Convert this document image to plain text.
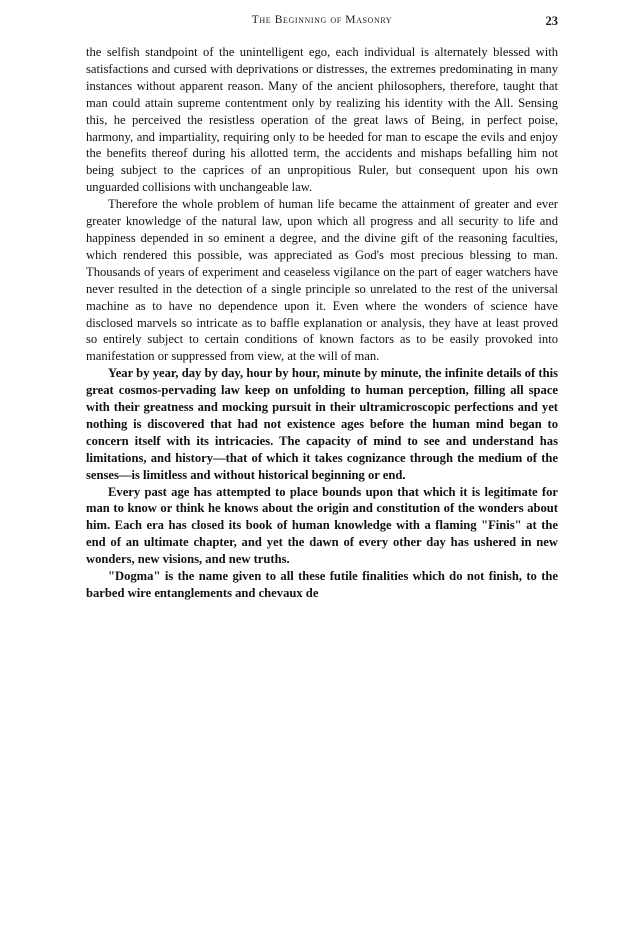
The Beginning of Masonry	23

the selfish standpoint of the unintelligent ego, each individual is alternately blessed with satisfactions and cursed with deprivations or distresses, the extremes predominating in many instances without apparent reason. Many of the ancient philosophers, therefore, taught that man could attain supreme contentment only by realizing his identity with the All. Sensing this, he perceived the resistless operation of the great laws of Being, in perfect poise, harmony, and impartiality, requiring only to be heeded for man to escape the evils and enjoy the benefits thereof during his allotted term, the accidents and mishaps befalling him not being subject to the caprices of an unpropitious Ruler, but consequent upon his own unguarded collisions with unchangeable law.

Therefore the whole problem of human life became the attainment of greater and ever greater knowledge of the natural law, upon which all progress and all security to life and happiness depended in so eminent a degree, and the divine gift of the reasoning faculties, which rendered this possible, was appreciated as God's most precious blessing to man. Thousands of years of experiment and ceaseless vigilance on the part of eager watchers have never resulted in the detection of a single principle so unrelated to the rest of the universal machine as to have no dependence upon it. Even where the wonders of science have disclosed marvels so intricate as to baffle explanation or analysis, they have at least proved so entirely subject to certain conditions of known factors as to be easily provoked into manifestation or suppressed from view, at the will of man.

Year by year, day by day, hour by hour, minute by minute, the infinite details of this great cosmos-pervading law keep on unfolding to human perception, filling all space with their greatness and mocking pursuit in their ultramicroscopic perfections and yet nothing is discovered that had not existence ages before the human mind began to concern itself with its intricacies. The capacity of mind to see and understand has limitations, and history—that of which it takes cognizance through the medium of the senses—is limitless and without historical beginning or end.

Every past age has attempted to place bounds upon that which it is legitimate for man to know or think he knows about the origin and constitution of the wonders about him. Each era has closed its book of human knowledge with a flaming "Finis" at the end of an ultimate chapter, and yet the dawn of every other day has ushered in new wonders, new visions, and new truths.

"Dogma" is the name given to all these futile finalities which do not finish, to the barbed wire entanglements and chevaux de
